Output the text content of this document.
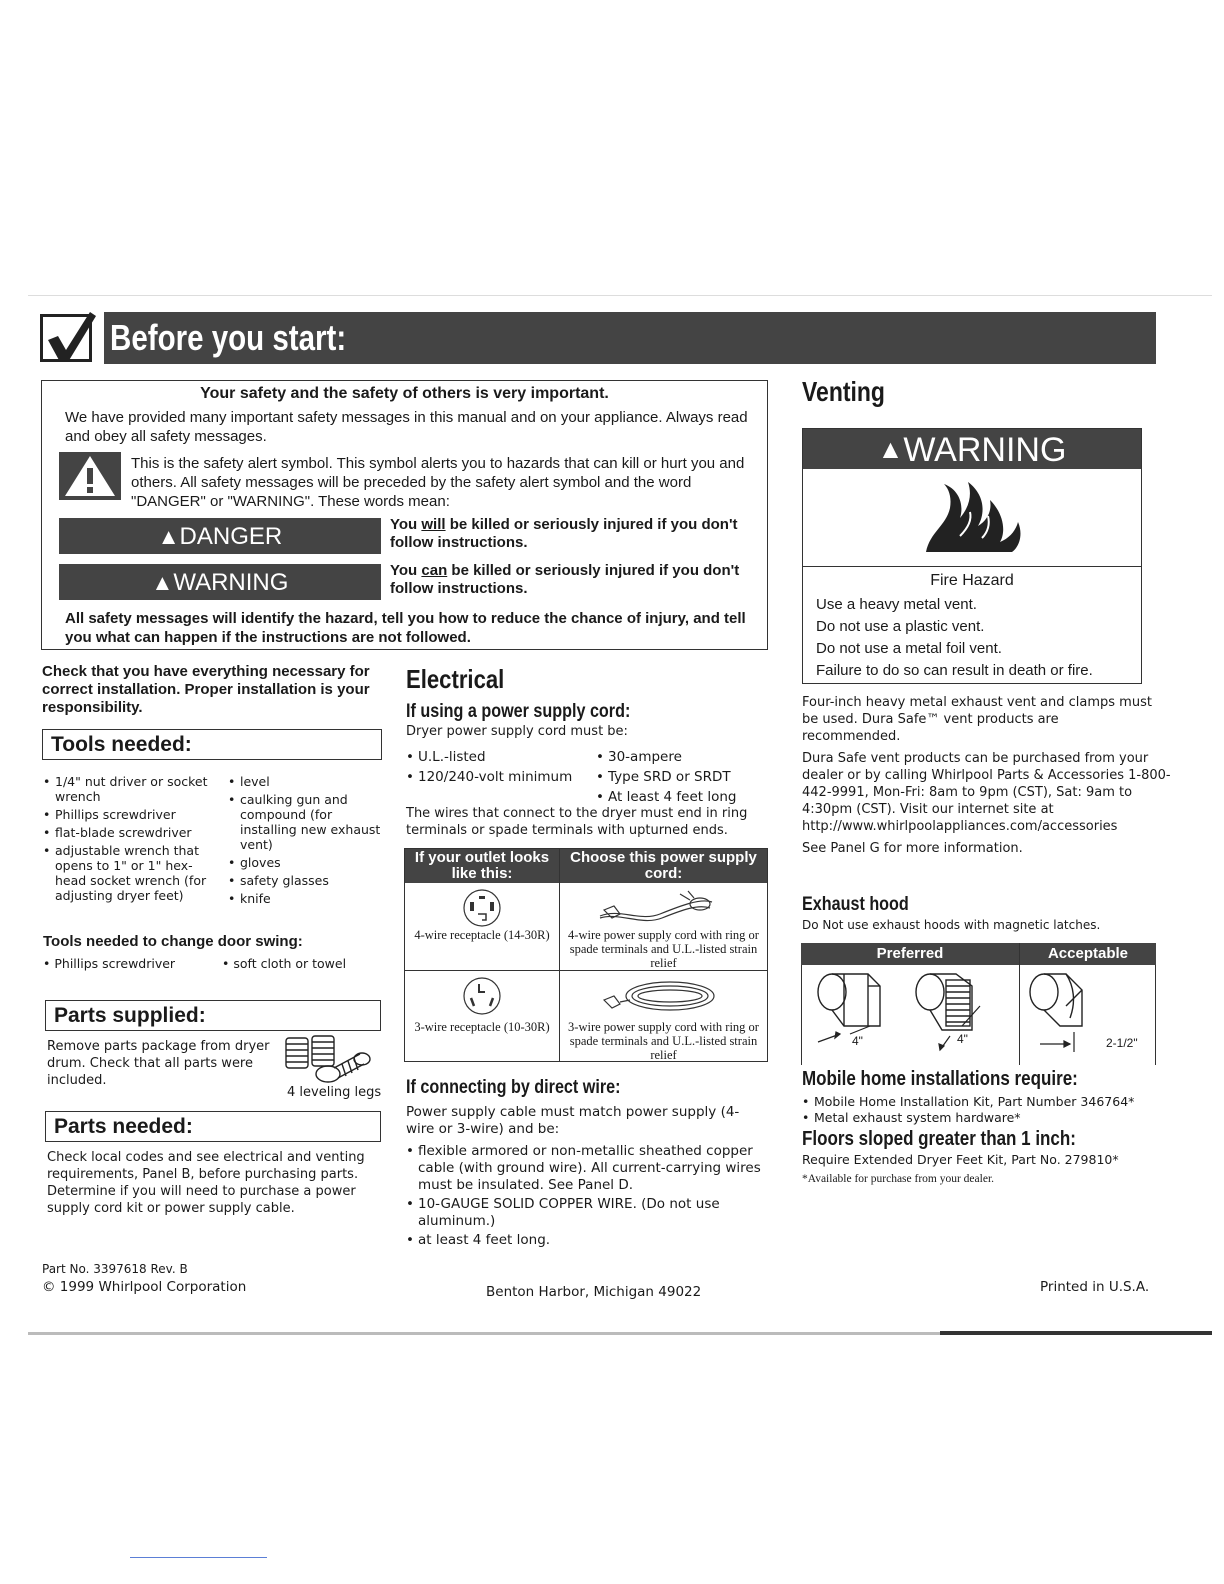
Before you start:
Your safety and the safety of others is very important.
We have provided many important safety messages in this manual and on your appliance. Always read and obey all safety messages.
This is the safety alert symbol. This symbol alerts you to hazards that can kill or hurt you and others. All safety messages will be preceded by the safety alert symbol and the word "DANGER" or "WARNING". These words mean:
▲DANGER	You will be killed or seriously injured if you don't follow instructions.
▲WARNING	You can be killed or seriously injured if you don't follow instructions.
All safety messages will identify the hazard, tell you how to reduce the chance of injury, and tell you what can happen if the instructions are not followed.
Check that you have everything necessary for correct installation. Proper installation is your responsibility.
Tools needed:
• 1/4" nut driver or socket wrench
• Phillips screwdriver
• flat-blade screwdriver
• adjustable wrench that opens to 1" or 1" hex-head socket wrench (for adjusting dryer feet)
• level
• caulking gun and compound (for installing new exhaust vent)
• gloves
• safety glasses
• knife
Tools needed to change door swing:
• Phillips screwdriver	• soft cloth or towel
Parts supplied:
Remove parts package from dryer drum. Check that all parts were included.
4 leveling legs
Parts needed:
Check local codes and see electrical and venting requirements, Panel B, before purchasing parts. Determine if you will need to purchase a power supply cord kit or power supply cable.
Electrical
If using a power supply cord:
Dryer power supply cord must be:
• U.L.-listed
• 120/240-volt minimum
• 30-ampere
• Type SRD or SRDT
• At least 4 feet long
The wires that connect to the dryer must end in ring terminals or spade terminals with upturned ends.
If your outlet looks like this:
Choose this power supply cord:
4-wire receptacle (14-30R)	4-wire power supply cord with ring or spade terminals and U.L.-listed strain relief
3-wire receptacle (10-30R)	3-wire power supply cord with ring or spade terminals and U.L.-listed strain relief
If connecting by direct wire:
Power supply cable must match power supply (4-wire or 3-wire) and be:
• flexible armored or non-metallic sheathed copper cable (with ground wire). All current-carrying wires must be insulated. See Panel D.
• 10-GAUGE SOLID COPPER WIRE. (Do not use aluminum.)
• at least 4 feet long.
Venting
▲WARNING
Fire Hazard
Use a heavy metal vent.
Do not use a plastic vent.
Do not use a metal foil vent.
Failure to do so can result in death or fire.
Four-inch heavy metal exhaust vent and clamps must be used. Dura Safe™ vent products are recommended.
Dura Safe vent products can be purchased from your dealer or by calling Whirlpool Parts & Accessories 1-800-442-9991, Mon-Fri: 8am to 9pm (CST), Sat: 9am to 4:30pm (CST). Visit our internet site at http://www.whirlpoolappliances.com/accessories
See Panel G for more information.
Exhaust hood
Do Not use exhaust hoods with magnetic latches.
Preferred	Acceptable
4"	4"	2-1/2"
Mobile home installations require:
• Mobile Home Installation Kit, Part Number 346764*
• Metal exhaust system hardware*
Floors sloped greater than 1 inch:
Require Extended Dryer Feet Kit, Part No. 279810*
*Available for purchase from your dealer.
Part No. 3397618 Rev. B
© 1999 Whirlpool Corporation	Benton Harbor, Michigan 49022	Printed in U.S.A.
